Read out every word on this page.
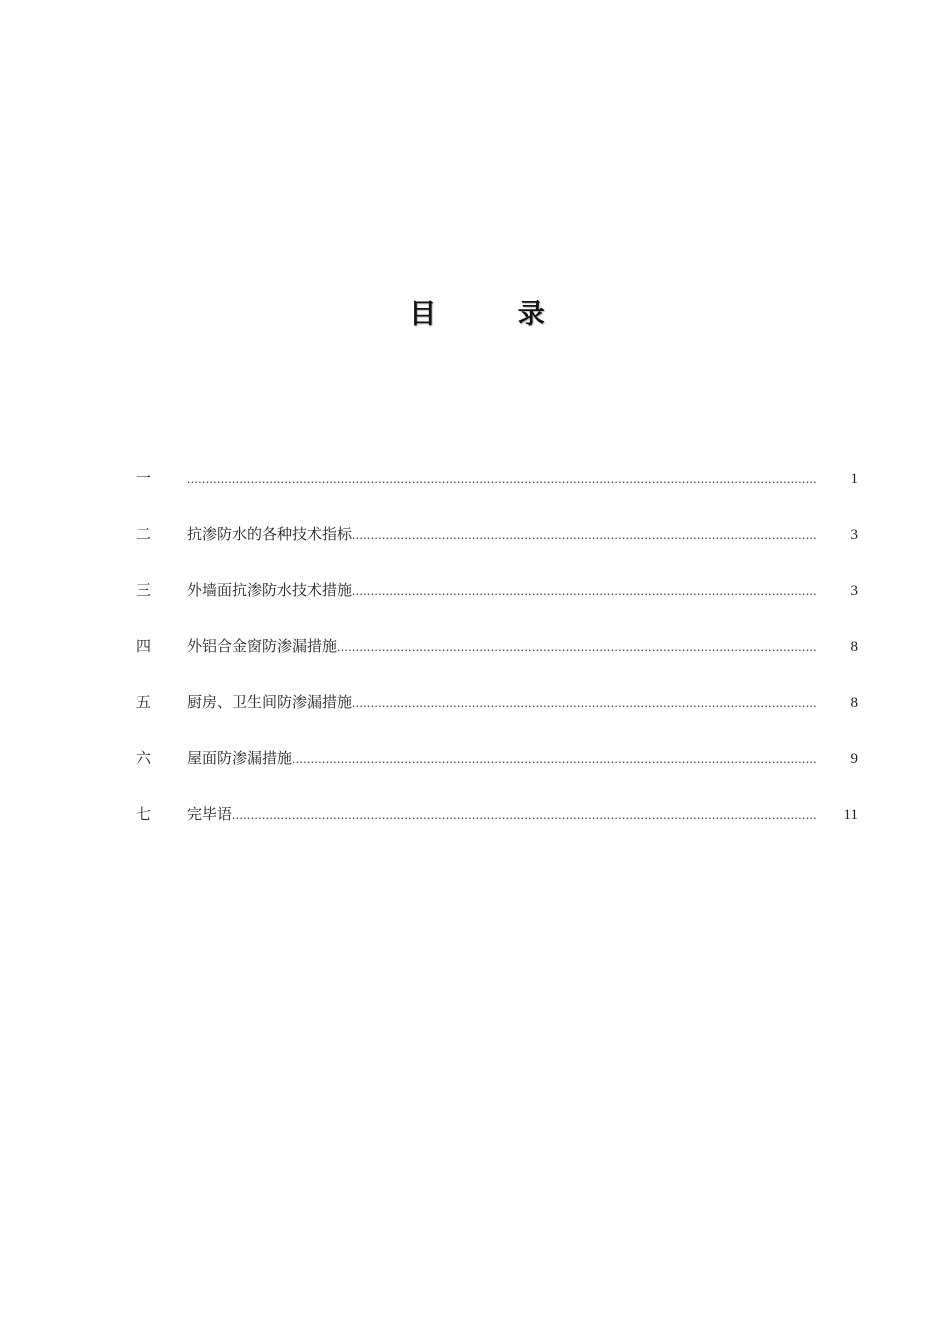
目 录
一 .....	1
二	抗渗防水的各种技术指标 .....	3
三	外墙面抗渗防水技术措施 .....	3
四	外铝合金窗防渗漏措施 .....	8
五	厨房、卫生间防渗漏措施 .....	8
六	屋面防渗漏措施 .....	9
七	完毕语 .....	11
